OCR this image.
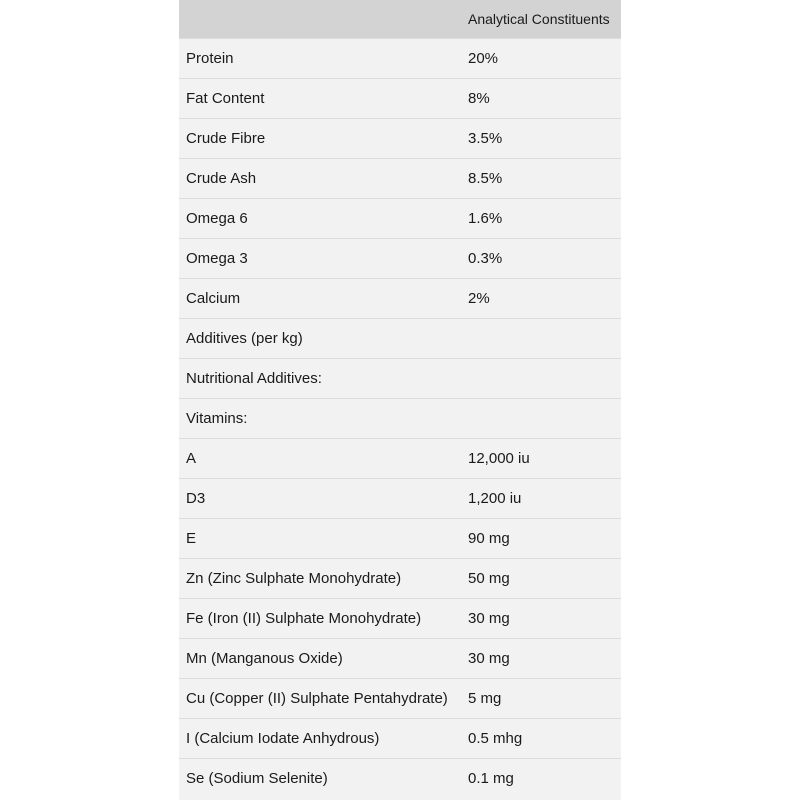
	Analytical Constituents
Protein	20%
Fat Content	8%
Crude Fibre	3.5%
Crude Ash	8.5%
Omega 6	1.6%
Omega 3	0.3%
Calcium	2%
Additives (per kg)	
Nutritional Additives:	
Vitamins:	
A	12,000 iu
D3	1,200 iu
E	90 mg
Zn (Zinc Sulphate Monohydrate)	50 mg
Fe (Iron (II) Sulphate Monohydrate)	30 mg
Mn (Manganous Oxide)	30 mg
Cu (Copper (II) Sulphate Pentahydrate)	5 mg
I (Calcium Iodate Anhydrous)	0.5 mhg
Se (Sodium Selenite)	0.1 mg
